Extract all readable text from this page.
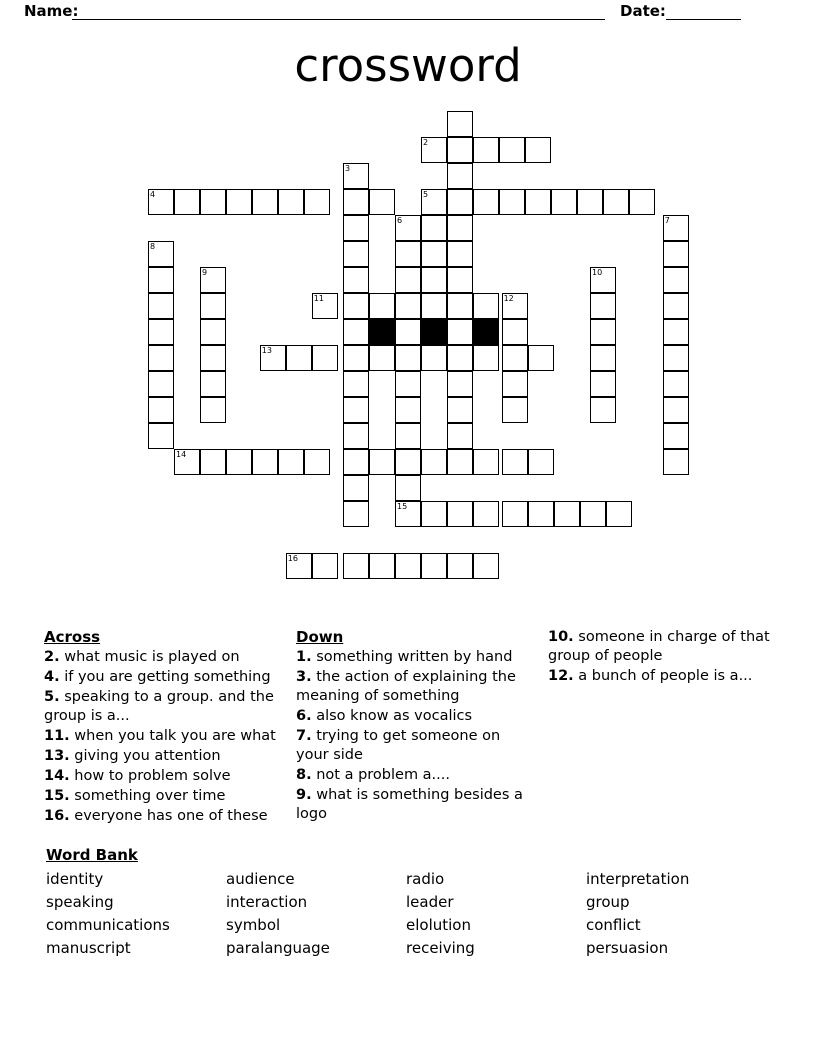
Name:	Date:
crossword
2
3
4	5
6	7
8
9	10
11	12
13
14
15
16
Across
2. what music is played on
4. if you are getting something
5. speaking to a group. and the group is a...
11. when you talk you are what
13. giving you attention
14. how to problem solve
15. something over time
16. everyone has one of these
Down
1. something written by hand
3. the action of explaining the meaning of something
6. also know as vocalics
7. trying to get someone on your side
8. not a problem a....
9. what is something besides a logo
10. someone in charge of that group of people
12. a bunch of people is a...
Word Bank
identity	audience	radio	interpretation
speaking	interaction	leader	group
communications	symbol	elolution	conflict
manuscript	paralanguage	receiving	persuasion
